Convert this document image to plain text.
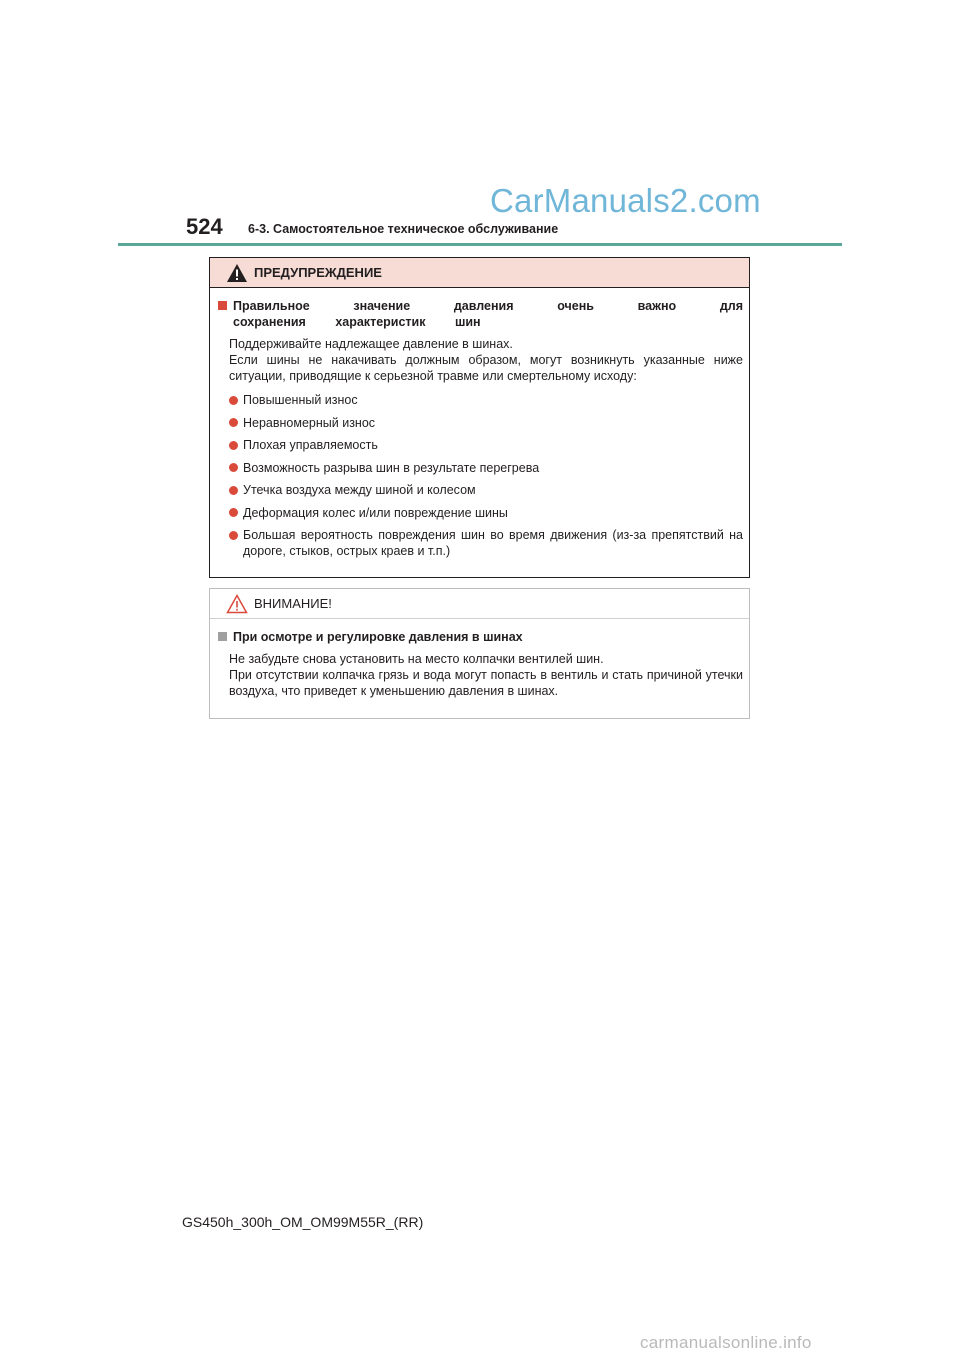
CarManuals2.com
524 6-3. Самостоятельное техническое обслуживание
ПРЕДУПРЕЖДЕНИЕ
Правильное значение давления очень важно для сохранения характеристик шин
Поддерживайте надлежащее давление в шинах.
Если шины не накачивать должным образом, могут возникнуть указанные ниже ситуации, приводящие к серьезной травме или смертельному исходу:
Повышенный износ
Неравномерный износ
Плохая управляемость
Возможность разрыва шин в результате перегрева
Утечка воздуха между шиной и колесом
Деформация колес и/или повреждение шины
Большая вероятность повреждения шин во время движения (из-за препятствий на дороге, стыков, острых краев и т.п.)
ВНИМАНИЕ!
При осмотре и регулировке давления в шинах
Не забудьте снова установить на место колпачки вентилей шин.
При отсутствии колпачка грязь и вода могут попасть в вентиль и стать причиной утечки воздуха, что приведет к уменьшению давления в шинах.
GS450h_300h_OM_OM99M55R_(RR)
carmanualsonline.info
